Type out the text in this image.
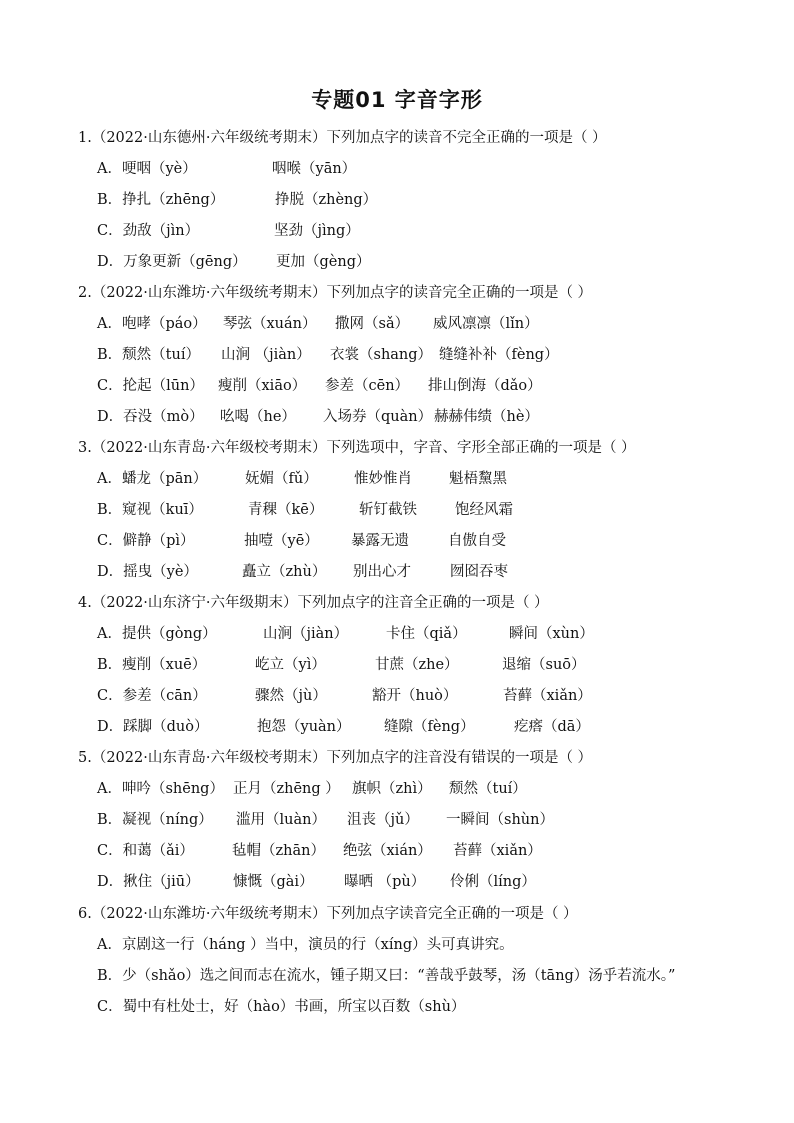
专题01 字音字形
1.（2022·山东德州·六年级统考期末）下列加点字的读音不完全正确的一项是（ ）
A．哽咽（yè）	咽喉（yān）
B．挣扎（zhēng）	挣脱（zhèng）
C．劲敌（jìn）	坚劲（jìng）
D．万象更新（gēng）	更加（gèng）
2.（2022·山东潍坊·六年级统考期末）下列加点字的读音完全正确的一项是（ ）
A．咆哮（páo）	琴弦（xuán）	撒网（sǎ）	威风凛凛（lǐn）
B．颓然（tuí）	山涧 （jiàn）	衣裳（shang） 缝缝补补（fèng）
C．抡起（lūn） 瘦削（xiāo）	参差（cēn）	排山倒海（dǎo）
D．吞没（mò）	吆喝（he）	入场券（quàn） 赫赫伟绩（hè）
3.（2022·山东青岛·六年级校考期末）下列选项中，字音、字形全部正确的一项是（ ）
A．蟠龙（pān）	妩媚（fǔ）	惟妙惟肖	魁梧黧黑
B．窥视（kuī）	青稞（kē）	斩钉截铁	饱经风霜
C．僻静（pì）	抽噎（yē）	暴露无遗	自傲自受
D．摇曳（yè）	矗立（zhù）	别出心才	囫囵吞枣
4.（2022·山东济宁·六年级期末）下列加点字的注音全正确的一项是（ ）
A．提供（gòng）	山涧（jiàn）	卡住（qiǎ）	瞬间（xùn）
B．瘦削（xuē）	屹立（yì）	甘蔗（zhe）	退缩（suō）
C．参差（cān）	骤然（jù）	豁开（huò）	苔藓（xiǎn）
D．踩脚（duò）	抱怨（yuàn）	缝隙（fèng）	疙瘩（dā）
5.（2022·山东青岛·六年级校考期末）下列加点字的注音没有错误的一项是（ ）
A．呻吟（shēng） 正月（zhēng ） 旗帜（zhì）	颓然（tuí）
B．凝视（níng）	滥用（luàn）	沮丧（jǔ）	一瞬间（shùn）
C．和蔼（ǎi）	毡帽（zhān）	绝弦（xián）	苔藓（xiǎn）
D．揪住（jiū）	慷慨（gài）	曝晒 （pù）	伶俐（líng）
6.（2022·山东潍坊·六年级统考期末）下列加点字读音完全正确的一项是（ ）
A．京剧这一行（háng ）当中，演员的行（xíng）头可真讲究。
B．少（shǎo）选之间而志在流水，锺子期又曰：“善哉乎鼓琴，汤（tāng）汤乎若流水。”
C．蜀中有杜处士，好（hào）书画，所宝以百数（shù）
